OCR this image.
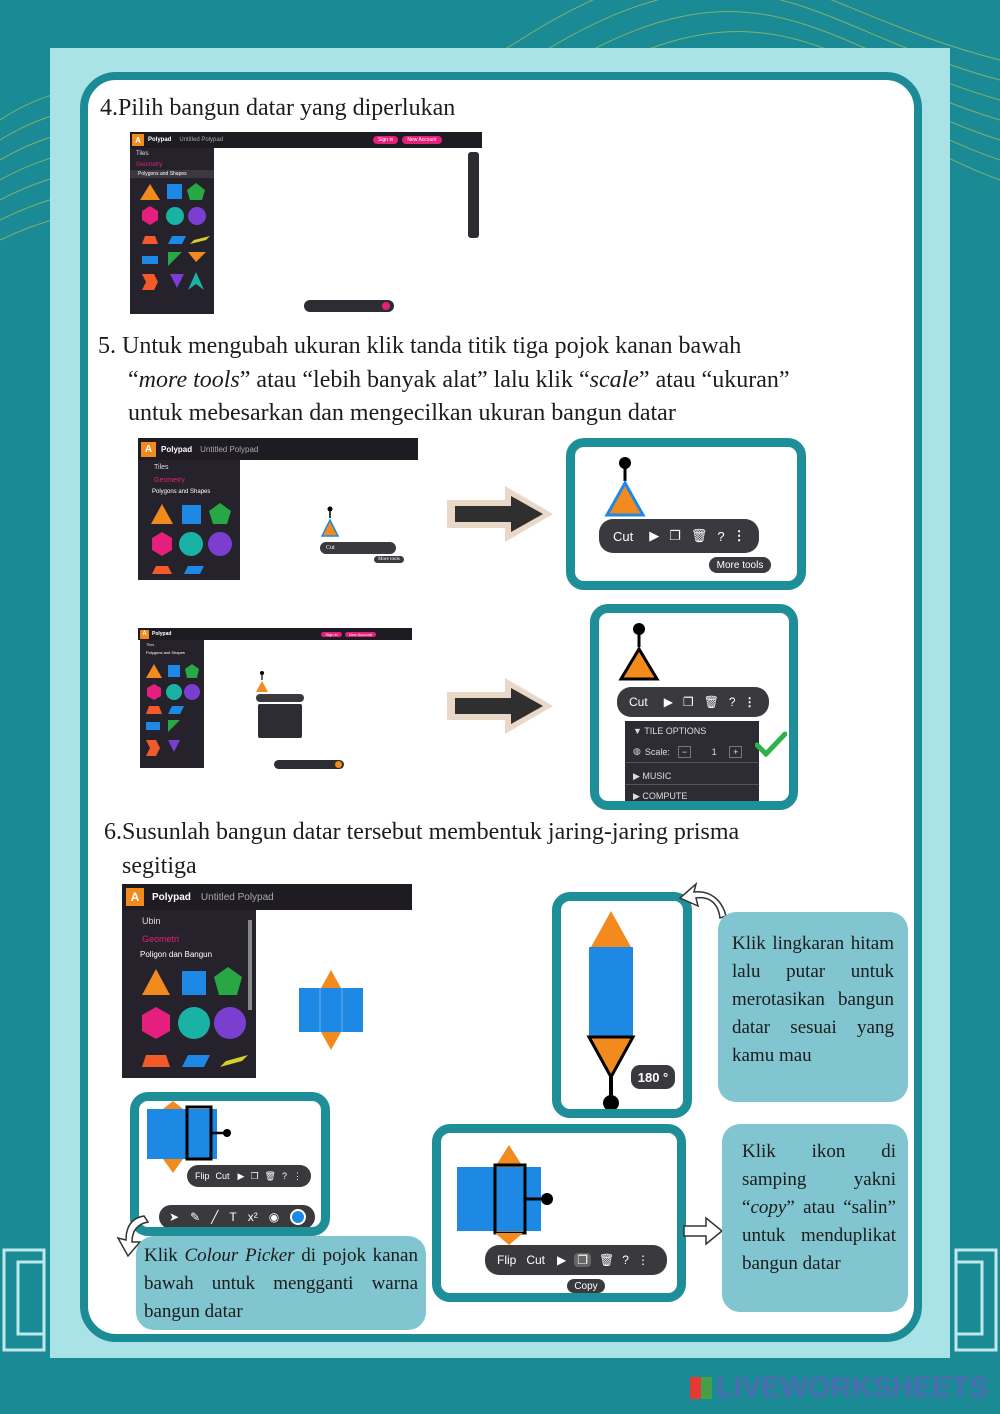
4.Pilih bangun datar yang diperlukan
A	Polypad Untitled Polypad	Sign in	New Account
Tiles
Geometry
Polygons and Shapes
5. Untuk mengubah ukuran klik tanda titik tiga pojok kanan bawah
“more tools” atau “lebih banyak alat” lalu klik “scale” atau “ukuran”
untuk mebesarkan dan mengecilkan ukuran bangun datar
A	Polypad Untitled Polypad
Tiles
Geometry
Polygons and Shapes
Cut
More tools
Cut ▶ ❐ 🗑 ? ⋮
More tools
A	Polypad	Sign in	New Account
Tiles
Polygons and Shapes
Cut ▶ ❐ 🗑 ? ⋮
▼ TILE OPTIONS
◍ Scale:	−	1	+
▶ MUSIC
▶ COMPUTE
6.Susunlah bangun datar tersebut membentuk jaring-jaring prisma
segitiga
A	Polypad Untitled Polypad
Ubin
Geometri
Poligon dan Bangun
180 °
Klik lingkaran hitam lalu putar untuk merotasikan bangun datar sesuai yang kamu mau
Flip Cut ▶ ❐ 🗑 ? ⋮
➤ ✎ ╱ T x² ◉
Klik Colour Picker di pojok kanan bawah untuk mengganti warna bangun datar
Flip Cut ▶ ❐ 🗑 ? ⋮
Copy
Klik ikon di samping yakni “copy” atau “salin” untuk menduplikat bangun datar
LIVEWORKSHEETS
